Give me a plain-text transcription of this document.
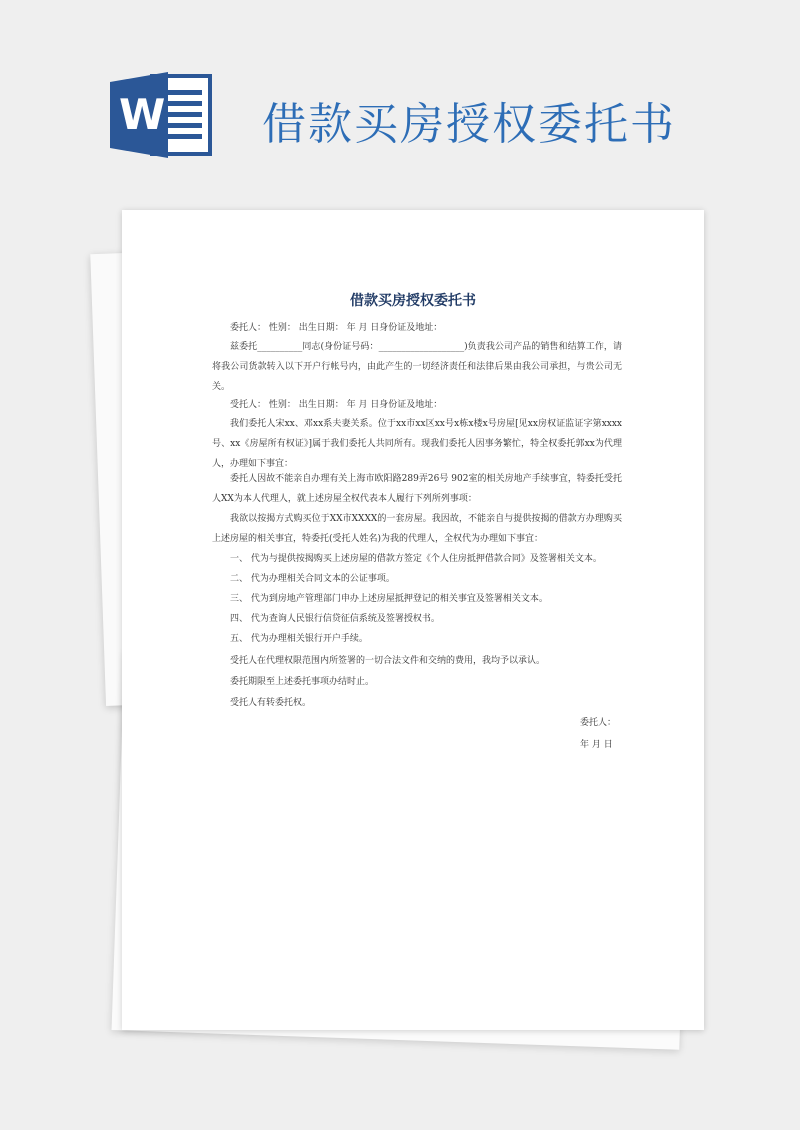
W 借款买房授权委托书
借款买房授权委托书
委托人： 性别： 出生日期： 年 月 日身份证及地址：
兹委托__________同志(身份证号码：___________________)负责我公司产品的销售和结算工作，请将我公司货款转入以下开户行帐号内，由此产生的一切经济责任和法律后果由我公司承担，与贵公司无关。
受托人： 性别： 出生日期： 年 月 日身份证及地址：
我们委托人宋xx、邓xx系夫妻关系。位于xx市xx区xx号x栋x楼x号房屋[见xx房权证监证字第xxxx号、xx《房屋所有权证》]属于我们委托人共同所有。现我们委托人因事务繁忙，特全权委托郭xx为代理人，办理如下事宜：
委托人因故不能亲自办理有关上海市欧阳路289弄26号 902室的相关房地产手续事宜，特委托受托人XX为本人代理人，就上述房屋全权代表本人履行下列所列事项：
我欲以按揭方式购买位于XX市XXXX的一套房屋。我因故，不能亲自与提供按揭的借款方办理购买上述房屋的相关事宜，特委托(受托人姓名)为我的代理人，全权代为办理如下事宜：
一、 代为与提供按揭购买上述房屋的借款方签定《个人住房抵押借款合同》及签署相关文本。
二、 代为办理相关合同文本的公证事项。
三、 代为到房地产管理部门申办上述房屋抵押登记的相关事宜及签署相关文本。
四、 代为查询人民银行信贷征信系统及签署授权书。
五、 代为办理相关银行开户手续。
受托人在代理权限范围内所签署的一切合法文件和交纳的费用，我均予以承认。
委托期限至上述委托事项办结时止。
受托人有转委托权。
委托人：
年 月 日
